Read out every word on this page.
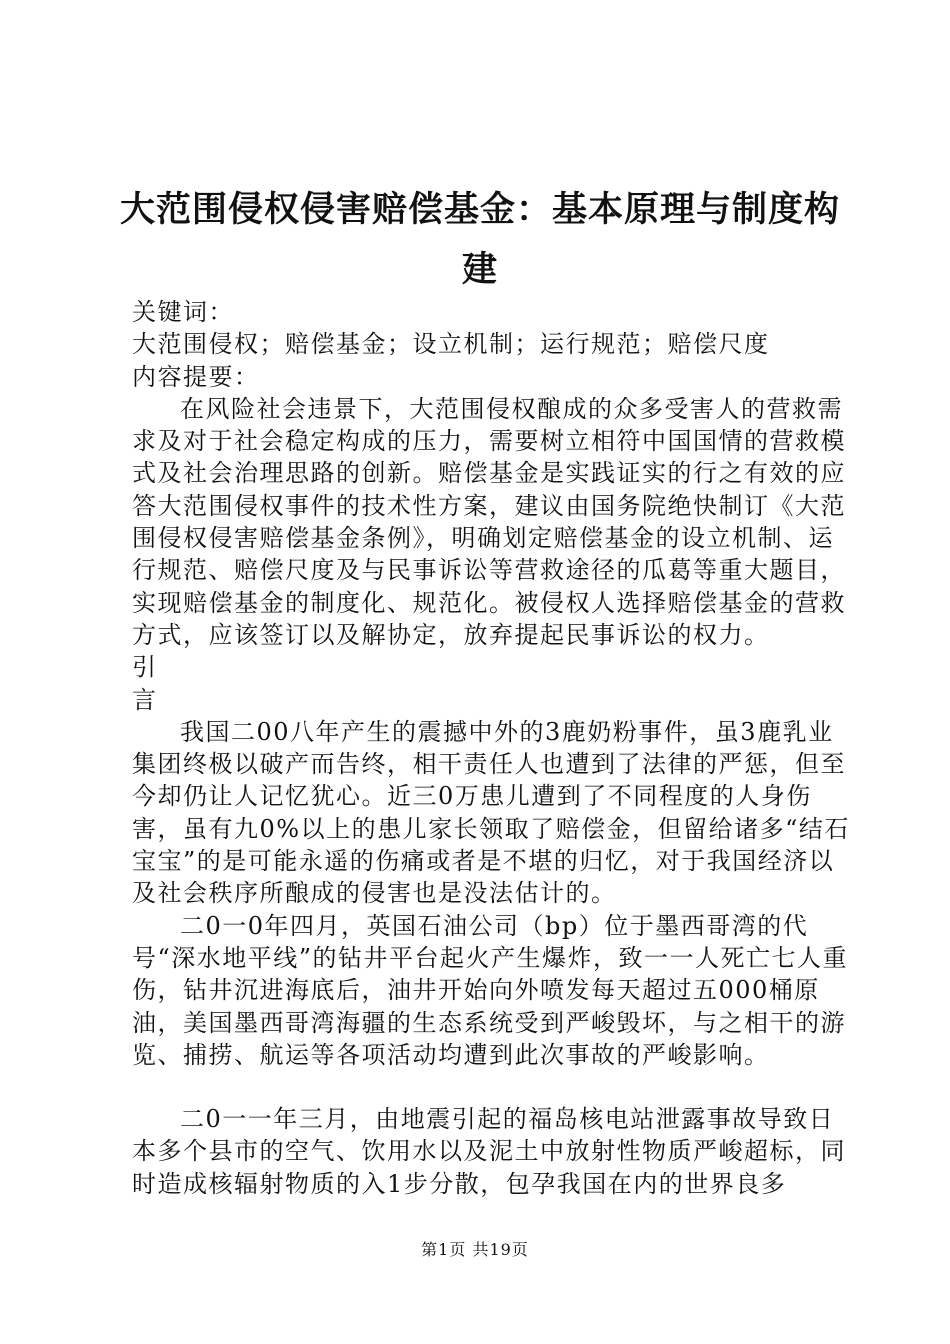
大范围侵权侵害赔偿基金：基本原理与制度构
建

关键词：

大范围侵权；赔偿基金；设立机制；运行规范；赔偿尺度

内容提要：

在风险社会违景下，大范围侵权酿成的众多受害人的营救需求及对于社会稳定构成的压力，需要树立相符中国国情的营救模式及社会治理思路的创新。赔偿基金是实践证实的行之有效的应答大范围侵权事件的技术性方案，建议由国务院绝快制订《大范围侵权侵害赔偿基金条例》，明确划定赔偿基金的设立机制、运行规范、赔偿尺度及与民事诉讼等营救途径的瓜葛等重大题目，实现赔偿基金的制度化、规范化。被侵权人选择赔偿基金的营救方式，应该签订以及解协定，放弃提起民事诉讼的权力。

引

言

我国二00八年产生的震撼中外的3鹿奶粉事件，虽3鹿乳业集团终极以破产而告终，相干责任人也遭到了法律的严惩，但至今却仍让人记忆犹心。近三0万患儿遭到了不同程度的人身伤害，虽有九0%以上的患儿家长领取了赔偿金，但留给诸多“结石宝宝”的是可能永遥的伤痛或者是不堪的归忆，对于我国经济以及社会秩序所酿成的侵害也是没法估计的。

二0一0年四月，英国石油公司（bp）位于墨西哥湾的代号“深水地平线”的钻井平台起火产生爆炸，致一一人死亡七人重伤，钻井沉进海底后，油井开始向外喷发每天超过五000桶原油，美国墨西哥湾海疆的生态系统受到严峻毁坏，与之相干的游览、捕捞、航运等各项活动均遭到此次事故的严峻影响。

二0一一年三月，由地震引起的福岛核电站泄露事故导致日本多个县市的空气、饮用水以及泥土中放射性物质严峻超标，同时造成核辐射物质的入1步分散，包孕我国在内的世界良多

第1页 共19页
